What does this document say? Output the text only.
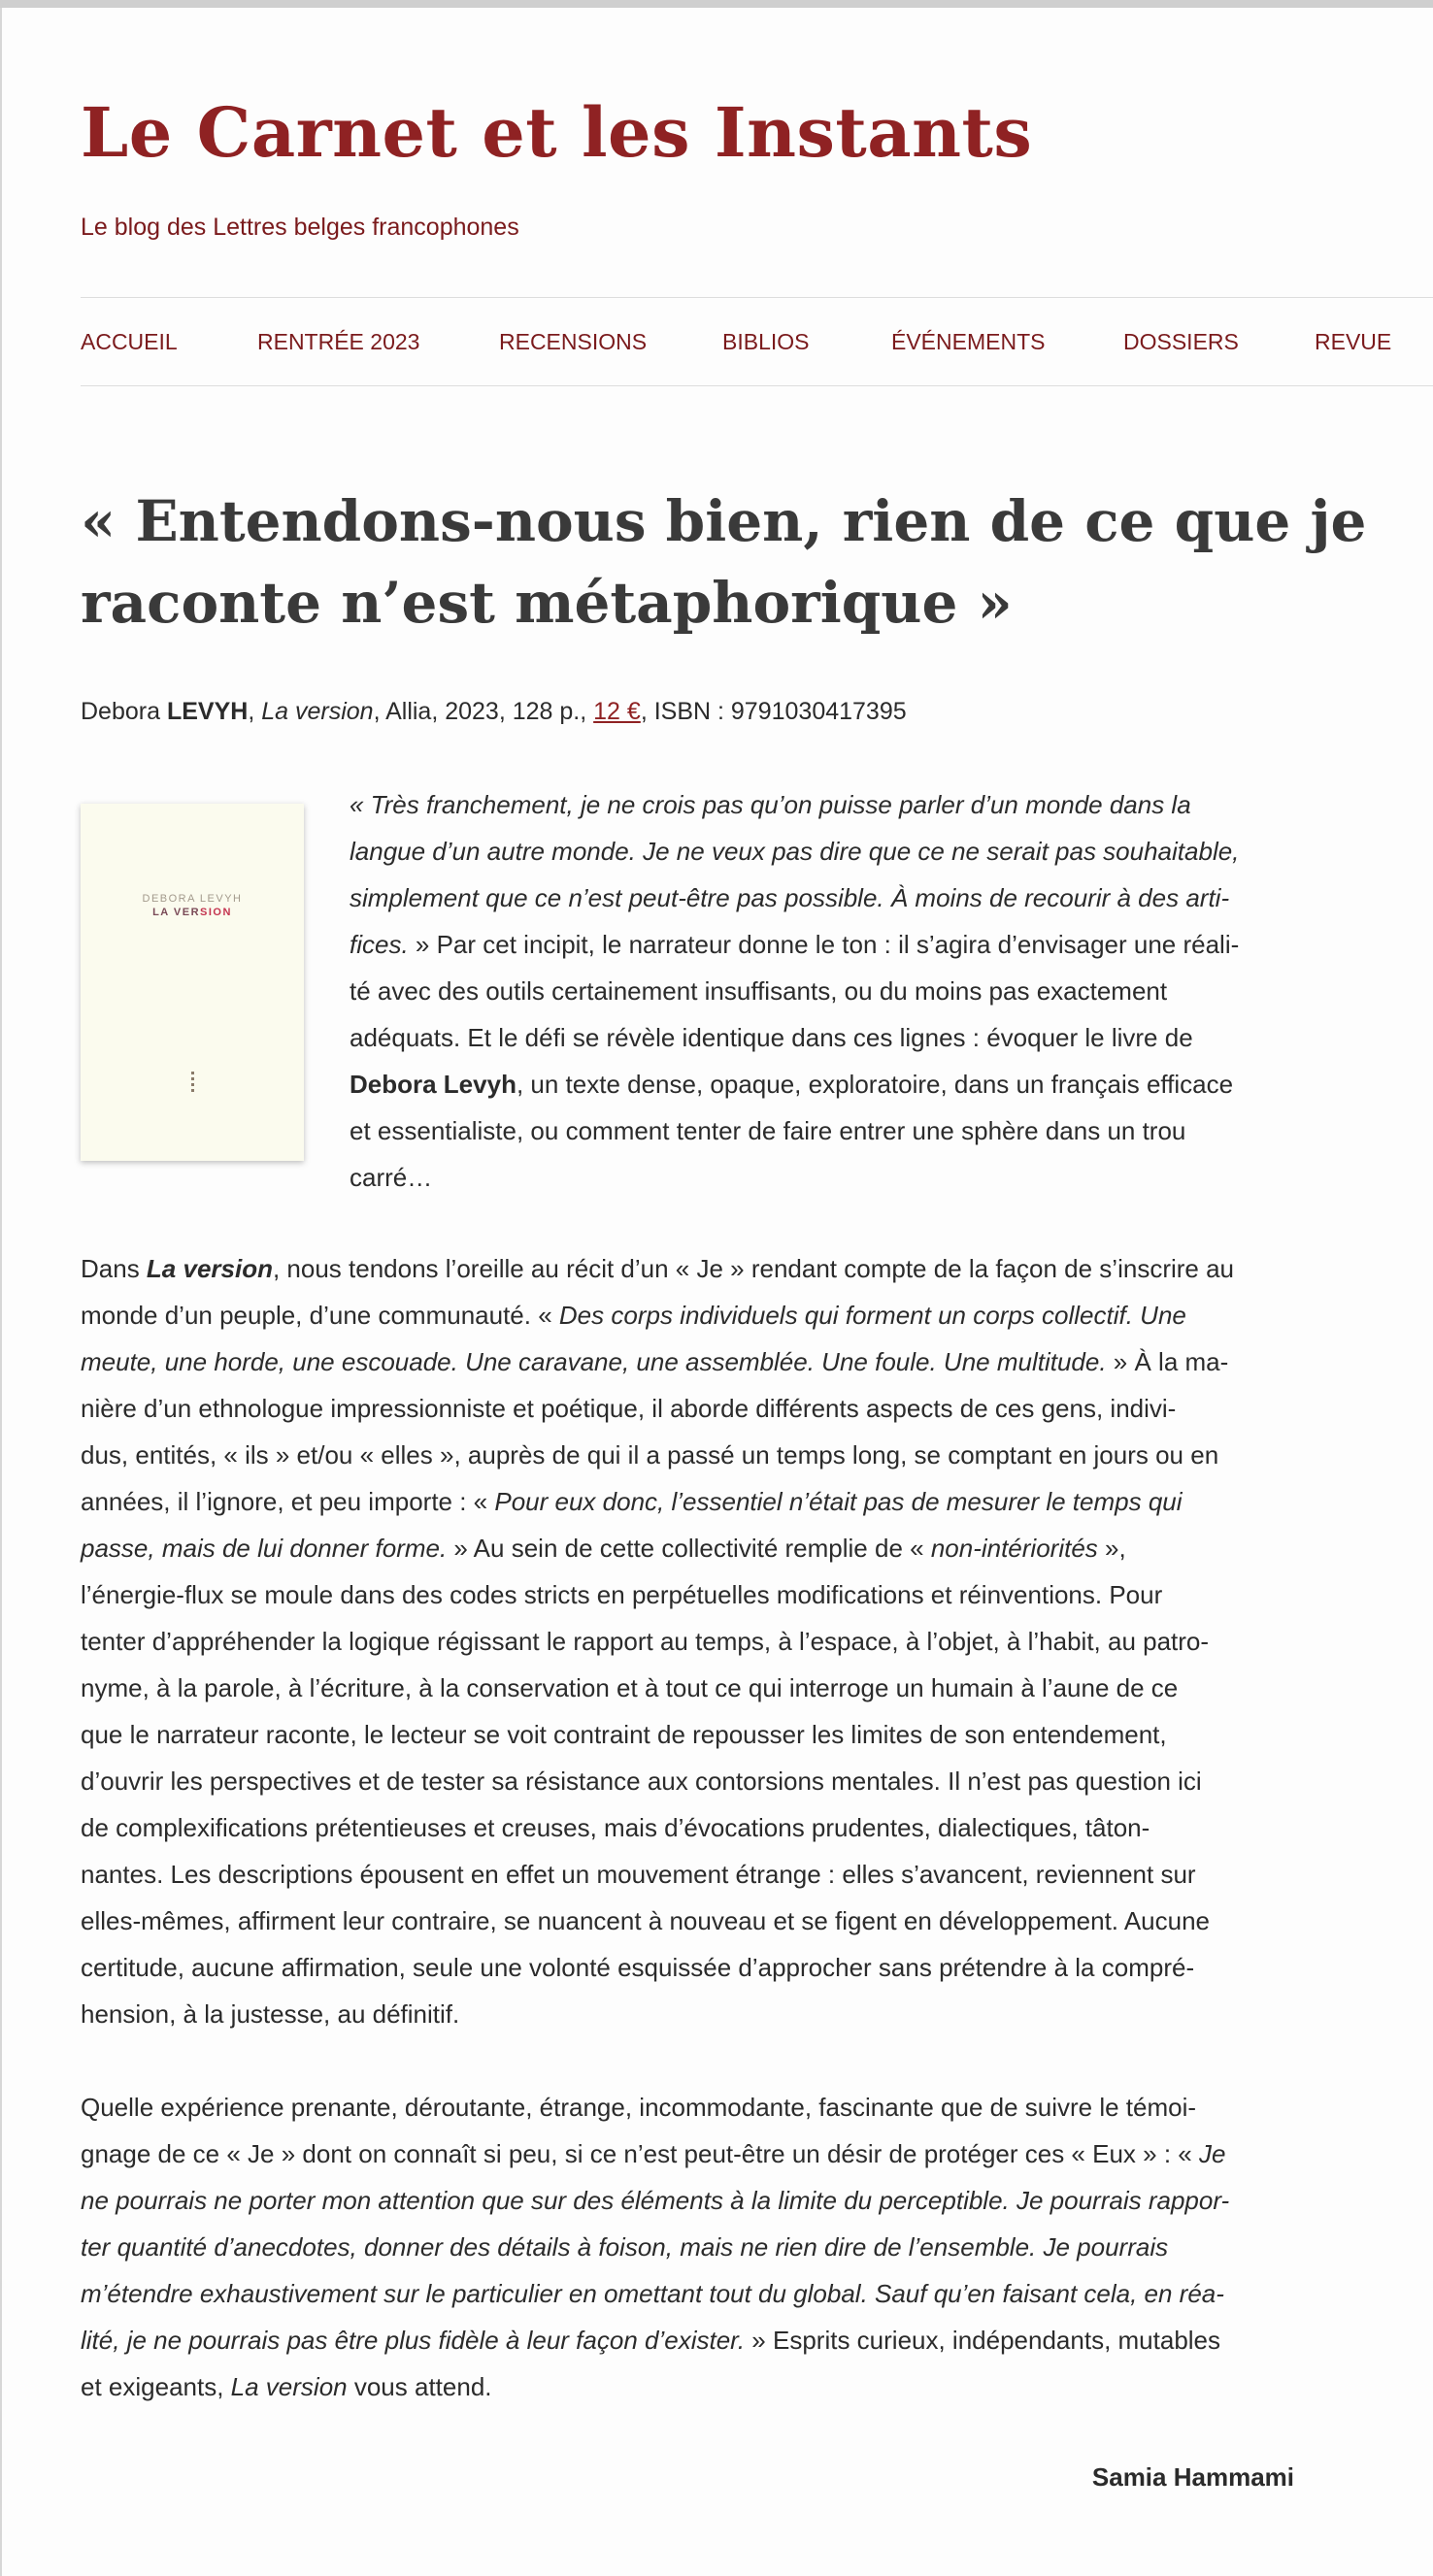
Le Carnet et les Instants
Le blog des Lettres belges francophones
ACCUEIL	RENTRÉE 2023	RECENSIONS	BIBLIOS	ÉVÉNEMENTS	DOSSIERS	REVUE
« Entendons-nous bien, rien de ce que je
raconte n’est métaphorique »
Debora LEVYH, La version, Allia, 2023, 128 p., 12 €, ISBN : 9791030417395
DEBORA LEVYH
LA VERSION

« Très franchement, je ne crois pas qu’on puisse parler d’un monde dans la
langue d’un autre monde. Je ne veux pas dire que ce ne serait pas souhaitable,
simplement que ce n’est peut-être pas possible. À moins de recourir à des arti-
fices. » Par cet incipit, le narrateur donne le ton : il s’agira d’envisager une réali-
té avec des outils certainement insuffisants, ou du moins pas exactement
adéquats. Et le défi se révèle identique dans ces lignes : évoquer le livre de
Debora Levyh, un texte dense, opaque, exploratoire, dans un français efficace
et essentialiste, ou comment tenter de faire entrer une sphère dans un trou
carré…

Dans La version, nous tendons l’oreille au récit d’un « Je » rendant compte de la façon de s’inscrire au
monde d’un peuple, d’une communauté. « Des corps individuels qui forment un corps collectif. Une
meute, une horde, une escouade. Une caravane, une assemblée. Une foule. Une multitude. » À la ma-
nière d’un ethnologue impressionniste et poétique, il aborde différents aspects de ces gens, indivi-
dus, entités, « ils » et/ou « elles », auprès de qui il a passé un temps long, se comptant en jours ou en
années, il l’ignore, et peu importe : « Pour eux donc, l’essentiel n’était pas de mesurer le temps qui
passe, mais de lui donner forme. » Au sein de cette collectivité remplie de « non-intériorités »,
l’énergie-flux se moule dans des codes stricts en perpétuelles modifications et réinventions. Pour
tenter d’appréhender la logique régissant le rapport au temps, à l’espace, à l’objet, à l’habit, au patro-
nyme, à la parole, à l’écriture, à la conservation et à tout ce qui interroge un humain à l’aune de ce
que le narrateur raconte, le lecteur se voit contraint de repousser les limites de son entendement,
d’ouvrir les perspectives et de tester sa résistance aux contorsions mentales. Il n’est pas question ici
de complexifications prétentieuses et creuses, mais d’évocations prudentes, dialectiques, tâton-
nantes. Les descriptions épousent en effet un mouvement étrange : elles s’avancent, reviennent sur
elles-mêmes, affirment leur contraire, se nuancent à nouveau et se figent en développement. Aucune
certitude, aucune affirmation, seule une volonté esquissée d’approcher sans prétendre à la compré-
hension, à la justesse, au définitif.

Quelle expérience prenante, déroutante, étrange, incommodante, fascinante que de suivre le témoi-
gnage de ce « Je » dont on connaît si peu, si ce n’est peut-être un désir de protéger ces « Eux » : « Je
ne pourrais ne porter mon attention que sur des éléments à la limite du perceptible. Je pourrais rappor-
ter quantité d’anecdotes, donner des détails à foison, mais ne rien dire de l’ensemble. Je pourrais
m’étendre exhaustivement sur le particulier en omettant tout du global. Sauf qu’en faisant cela, en réa-
lité, je ne pourrais pas être plus fidèle à leur façon d’exister. » Esprits curieux, indépendants, mutables
et exigeants, La version vous attend.

Samia Hammami
